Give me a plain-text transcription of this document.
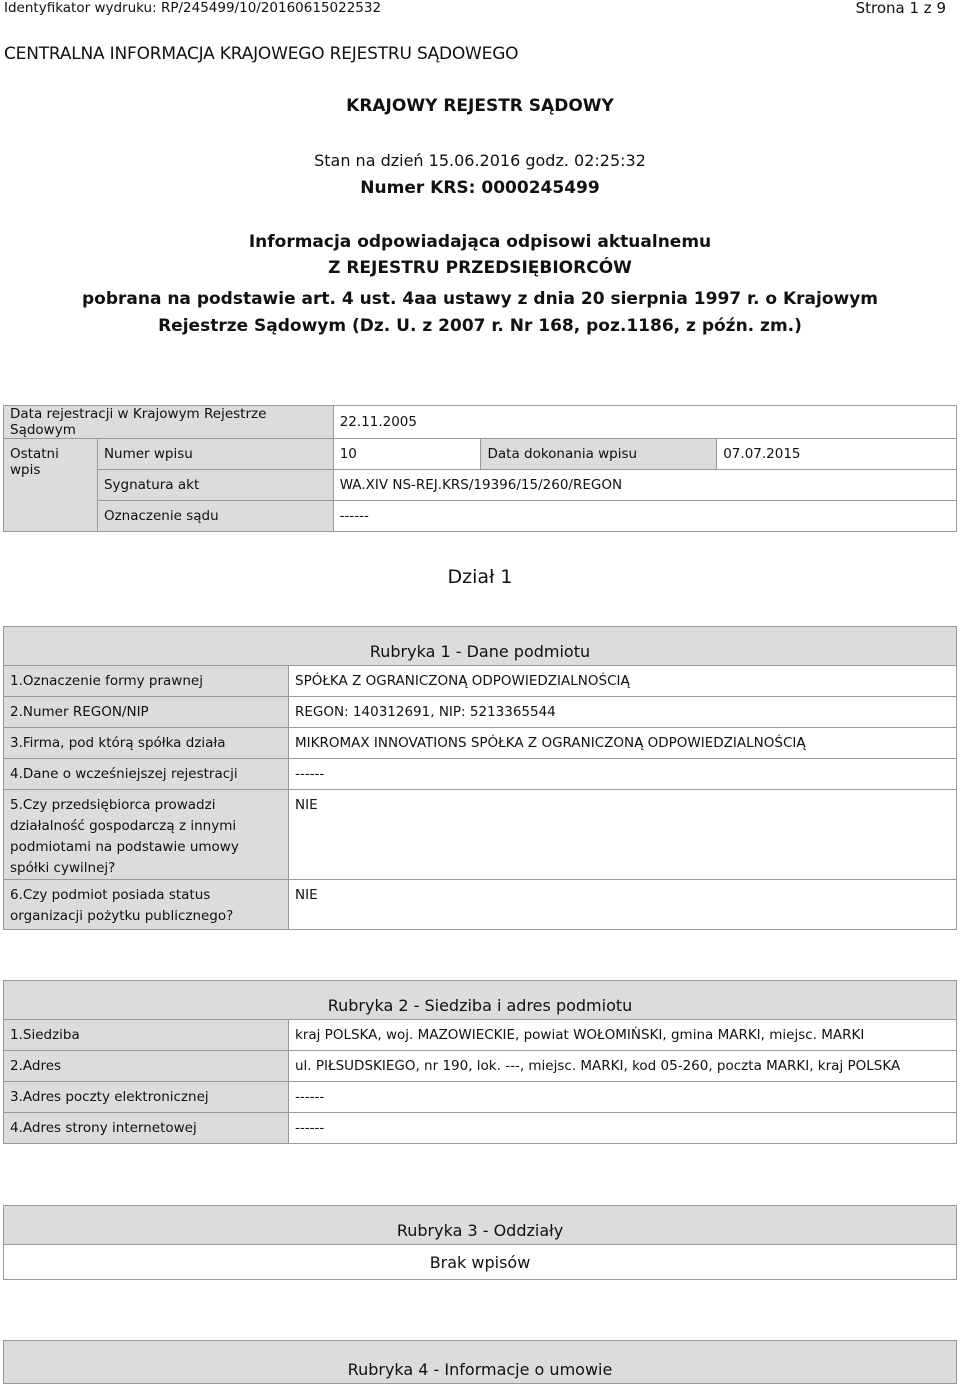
Identyfikator wydruku: RP/245499/10/20160615022532	Strona 1 z 9
CENTRALNA INFORMACJA KRAJOWEGO REJESTRU SĄDOWEGO
KRAJOWY REJESTR SĄDOWY
Stan na dzień 15.06.2016 godz. 02:25:32
Numer KRS: 0000245499
Informacja odpowiadająca odpisowi aktualnemu
Z REJESTRU PRZEDSIĘBIORCÓW
pobrana na podstawie art. 4 ust. 4aa ustawy z dnia 20 sierpnia 1997 r. o Krajowym Rejestrze Sądowym (Dz. U. z 2007 r. Nr 168, poz.1186, z późn. zm.)
Data rejestracji w Krajowym Rejestrze Sądowym		22.11.2005		
Ostatni wpis	Numer wpisu	10	Data dokonania wpisu	07.07.2015
	Sygnatura akt	WA.XIV NS-REJ.KRS/19396/15/260/REGON		
	Oznaczenie sądu	------		
Dział 1
Rubryka 1 - Dane podmiotu	
1.Oznaczenie formy prawnej	SPÓŁKA Z OGRANICZONĄ ODPOWIEDZIALNOŚCIĄ
2.Numer REGON/NIP	REGON: 140312691, NIP: 5213365544
3.Firma, pod którą spółka działa	MIKROMAX INNOVATIONS SPÓŁKA Z OGRANICZONĄ ODPOWIEDZIALNOŚCIĄ
4.Dane o wcześniejszej rejestracji	------
5.Czy przedsiębiorca prowadzi działalność gospodarczą z innymi podmiotami na podstawie umowy spółki cywilnej?	NIE
6.Czy podmiot posiada status organizacji pożytku publicznego?	NIE
Rubryka 2 - Siedziba i adres podmiotu	
1.Siedziba	kraj POLSKA, woj. MAZOWIECKIE, powiat WOŁOMIŃSKI, gmina MARKI, miejsc. MARKI
2.Adres	ul. PIŁSUDSKIEGO, nr 190, lok. ---, miejsc. MARKI, kod 05-260, poczta MARKI, kraj POLSKA
3.Adres poczty elektronicznej	------
4.Adres strony internetowej	------
Rubryka 3 - Oddziały
Brak wpisów
Rubryka 4 - Informacje o umowie
